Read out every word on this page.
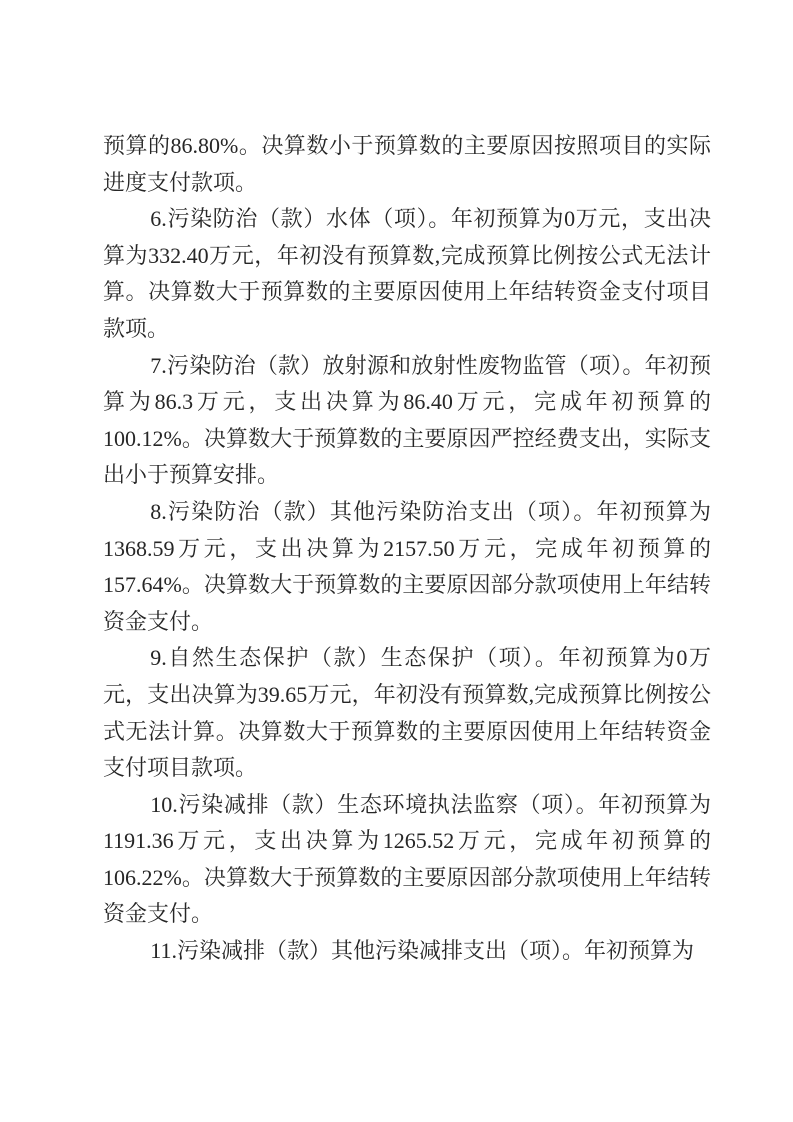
预算的86.80%。决算数小于预算数的主要原因按照项目的实际进度支付款项。

6.污染防治（款）水体（项）。年初预算为0万元，支出决算为332.40万元，年初没有预算数,完成预算比例按公式无法计算。决算数大于预算数的主要原因使用上年结转资金支付项目款项。

7.污染防治（款）放射源和放射性废物监管（项）。年初预算为86.3万元，支出决算为86.40万元，完成年初预算的100.12%。决算数大于预算数的主要原因严控经费支出，实际支出小于预算安排。

8.污染防治（款）其他污染防治支出（项）。年初预算为1368.59万元，支出决算为2157.50万元，完成年初预算的157.64%。决算数大于预算数的主要原因部分款项使用上年结转资金支付。

9.自然生态保护（款）生态保护（项）。年初预算为0万元，支出决算为39.65万元，年初没有预算数,完成预算比例按公式无法计算。决算数大于预算数的主要原因使用上年结转资金支付项目款项。

10.污染减排（款）生态环境执法监察（项）。年初预算为1191.36万元，支出决算为1265.52万元，完成年初预算的106.22%。决算数大于预算数的主要原因部分款项使用上年结转资金支付。

11.污染减排（款）其他污染减排支出（项）。年初预算为
